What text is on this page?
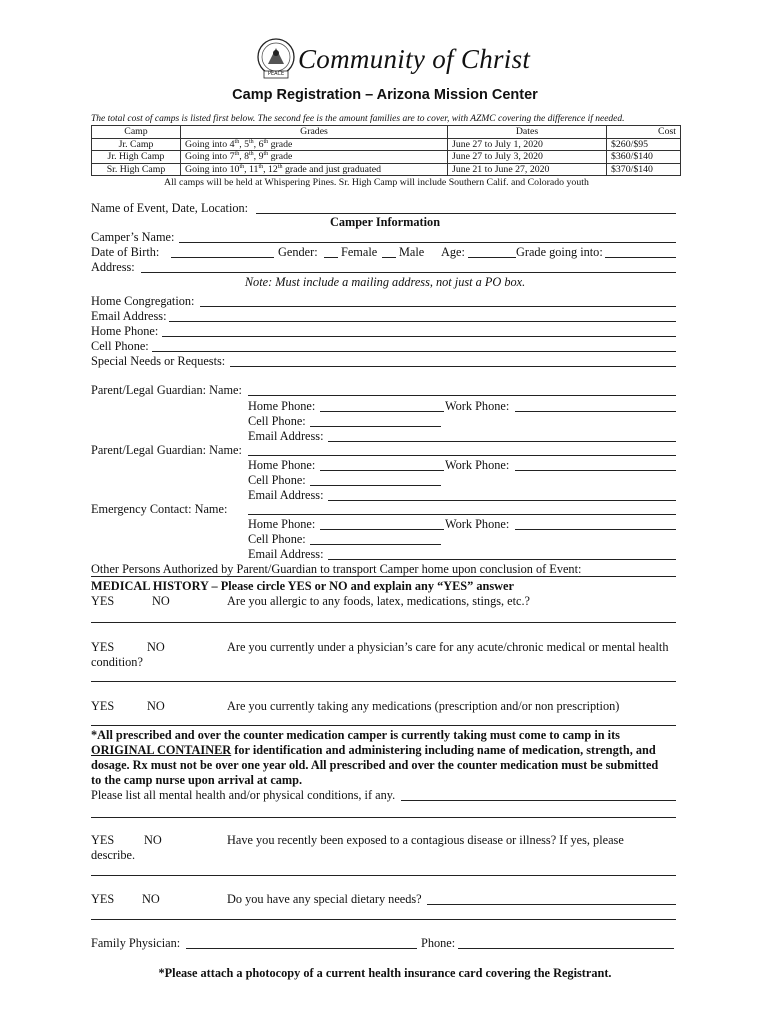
PEACE Community of Christ
Camp Registration – Arizona Mission Center
The total cost of camps is listed first below. The second fee is the amount families are to cover, with AZMC covering the difference if needed.
Camp	Grades	Dates	Cost
Jr. Camp	Going into 4th, 5th, 6th grade	June 27 to July 1, 2020	$260/$95
Jr. High Camp	Going into 7th, 8th, 9th grade	June 27 to July 3, 2020	$360/$140
Sr. High Camp	Going into 10th, 11th, 12th grade and just graduated	June 21 to June 27, 2020	$370/$140
All camps will be held at Whispering Pines. Sr. High Camp will include Southern Calif. and Colorado youth
Name of Event, Date, Location:
Camper Information
Camper’s Name:
Date of Birth:	Gender: Female Male Age:	Grade going into:
Address:
Note: Must include a mailing address, not just a PO box.
Home Congregation:
Email Address:
Home Phone:
Cell Phone:
Special Needs or Requests:
Parent/Legal Guardian: Name:
Home Phone:	Work Phone:
Cell Phone:
Email Address:
Parent/Legal Guardian: Name:
Home Phone:	Work Phone:
Cell Phone:
Email Address:
Emergency Contact: Name:
Home Phone:	Work Phone:
Cell Phone:
Email Address:
Other Persons Authorized by Parent/Guardian to transport Camper home upon conclusion of Event:
MEDICAL HISTORY – Please circle YES or NO and explain any “YES” answer
YES	NO	Are you allergic to any foods, latex, medications, stings, etc.?
YES	NO	Are you currently under a physician’s care for any acute/chronic medical or mental health
condition?
YES	NO	Are you currently taking any medications (prescription and/or non prescription)
*All prescribed and over the counter medication camper is currently taking must come to camp in its
ORIGINAL CONTAINER for identification and administering including name of medication, strength, and
dosage. Rx must not be over one year old. All prescribed and over the counter medication must be submitted
to the camp nurse upon arrival at camp.
Please list all mental health and/or physical conditions, if any.
YES NO	Have you recently been exposed to a contagious disease or illness? If yes, please
describe.
YES NO	Do you have any special dietary needs?
Family Physician:	Phone:
*Please attach a photocopy of a current health insurance card covering the Registrant.
